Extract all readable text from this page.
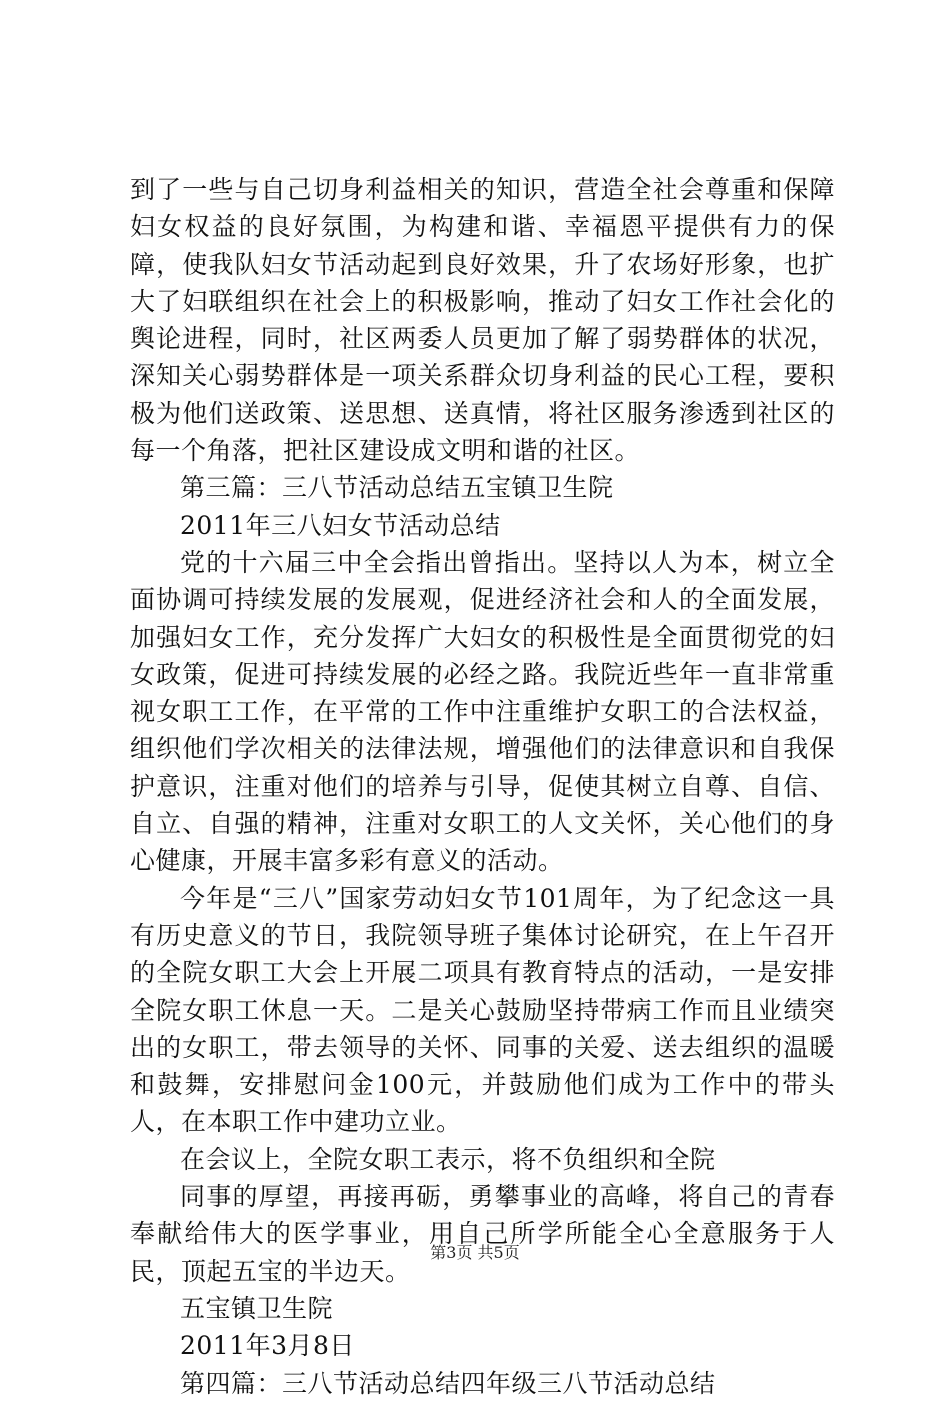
到了一些与自己切身利益相关的知识，营造全社会尊重和保障妇女权益的良好氛围，为构建和谐、幸福恩平提供有力的保障，使我队妇女节活动起到良好效果，升了农场好形象，也扩大了妇联组织在社会上的积极影响，推动了妇女工作社会化的舆论进程，同时，社区两委人员更加了解了弱势群体的状况，深知关心弱势群体是一项关系群众切身利益的民心工程，要积极为他们送政策、送思想、送真情，将社区服务渗透到社区的每一个角落，把社区建设成文明和谐的社区。

第三篇：三八节活动总结五宝镇卫生院

2011年三八妇女节活动总结

党的十六届三中全会指出曾指出。坚持以人为本，树立全面协调可持续发展的发展观，促进经济社会和人的全面发展，加强妇女工作，充分发挥广大妇女的积极性是全面贯彻党的妇女政策，促进可持续发展的必经之路。我院近些年一直非常重视女职工工作，在平常的工作中注重维护女职工的合法权益，组织他们学次相关的法律法规，增强他们的法律意识和自我保护意识，注重对他们的培养与引导，促使其树立自尊、自信、自立、自强的精神，注重对女职工的人文关怀，关心他们的身心健康，开展丰富多彩有意义的活动。

今年是“三八”国家劳动妇女节101周年，为了纪念这一具有历史意义的节日，我院领导班子集体讨论研究，在上午召开的全院女职工大会上开展二项具有教育特点的活动，一是安排全院女职工休息一天。二是关心鼓励坚持带病工作而且业绩突出的女职工，带去领导的关怀、同事的关爱、送去组织的温暖和鼓舞，安排慰问金100元，并鼓励他们成为工作中的带头人，在本职工作中建功立业。

在会议上，全院女职工表示，将不负组织和全院

同事的厚望，再接再砺，勇攀事业的高峰，将自己的青春奉献给伟大的医学事业，用自己所学所能全心全意服务于人民，顶起五宝的半边天。

五宝镇卫生院

2011年3月8日

第四篇：三八节活动总结四年级三八节活动总结

第3页 共5页
